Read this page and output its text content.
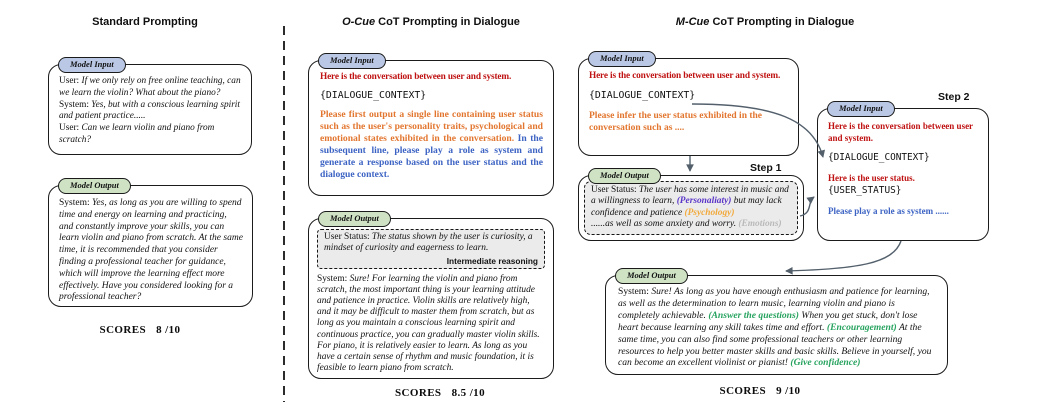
Standard Prompting
Model Input
User: If we only rely on free online teaching, can we learn the violin? What about the piano?
System: Yes, but with a conscious learning spirit and patient practice.....
User: Can we learn violin and piano from scratch?
Model Output
System: Yes, as long as you are willing to spend time and energy on learning and practicing, and constantly improve your skills, you can learn violin and piano from scratch. At the same time, it is recommended that you consider finding a professional teacher for guidance, which will improve the learning effect more effectively. Have you considered looking for a professional teacher?
SCORES 8 /10
O-Cue CoT Prompting in Dialogue
Model Input
Here is the conversation between user and system.
{DIALOGUE_CONTEXT}
Please first output a single line containing user status such as the user's personality traits, psychological and emotional states exhibited in the conversation. In the subsequent line, please play a role as system and generate a response based on the user status and the dialogue context.
Model Output
User Status: The status shown by the user is curiosity, a mindset of curiosity and eagerness to learn.
Intermediate reasoning
System: Sure! For learning the violin and piano from scratch, the most important thing is your learning attitude and patience in practice. Violin skills are relatively high, and it may be difficult to master them from scratch, but as long as you maintain a conscious learning spirit and continuous practice, you can gradually master violin skills. For piano, it is relatively easier to learn. As long as you have a certain sense of rhythm and music foundation, it is feasible to learn piano from scratch.
SCORES 8.5 /10
M-Cue CoT Prompting in Dialogue
Model Input
Here is the conversation between user and system.
{DIALOGUE_CONTEXT}
Please infer the user status exhibited in the conversation such as ....
Step 1
Model Output
User Status: The user has some interest in music and a willingness to learn, (Personaliaty) but may lack confidence and patience (Psychology)
......as well as some anxiety and worry. (Emotions)
Step 2
Model Input
Here is the conversation between user and system.
{DIALOGUE_CONTEXT}
Here is the user status.
{USER_STATUS}
Please play a role as system ......
Model Output
System: Sure! As long as you have enough enthusiasm and patience for learning, as well as the determination to learn music, learning violin and piano is completely achievable. (Answer the questions) When you get stuck, don't lose heart because learning any skill takes time and effort. (Encouragement) At the same time, you can also find some professional teachers or other learning resources to help you better master skills and basic skills. Believe in yourself, you can become an excellent violinist or pianist! (Give confidence)
SCORES 9 /10
